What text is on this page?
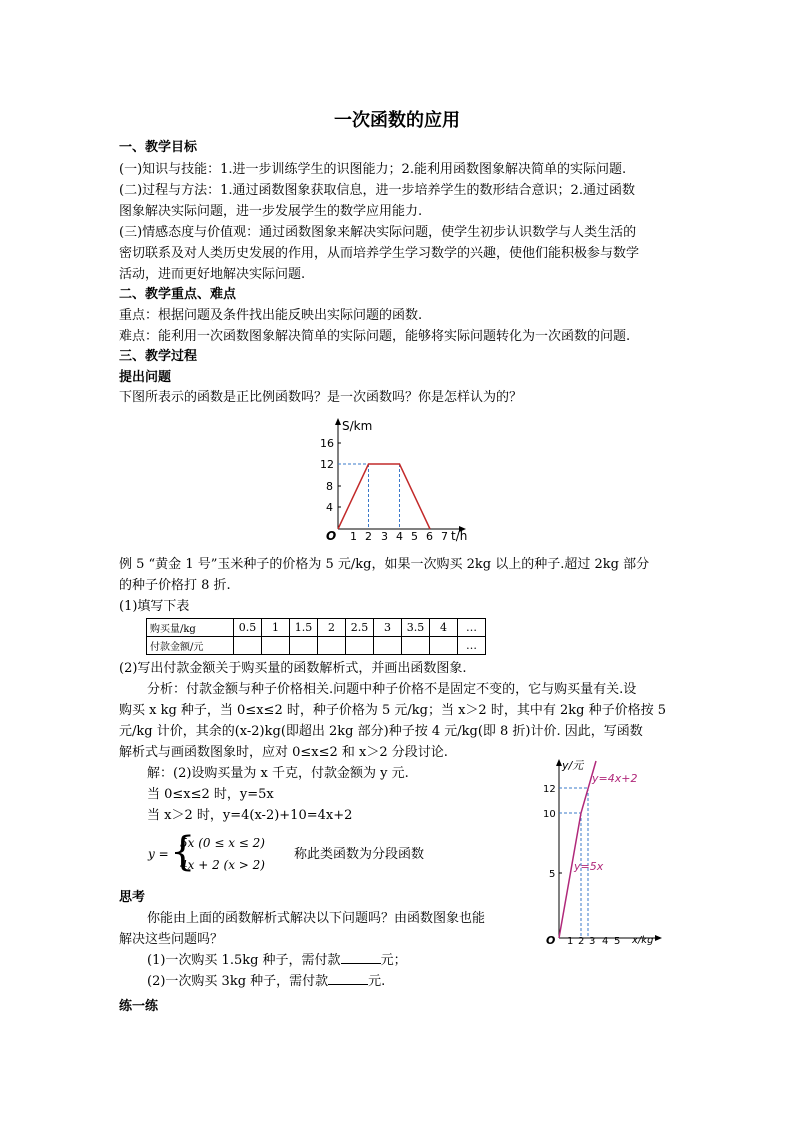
一次函数的应用
一、教学目标
(一)知识与技能：1.进一步训练学生的识图能力；2.能利用函数图象解决简单的实际问题.
(二)过程与方法：1.通过函数图象获取信息，进一步培养学生的数形结合意识；2.通过函数
图象解决实际问题，进一步发展学生的数学应用能力.
(三)情感态度与价值观：通过函数图象来解决实际问题，使学生初步认识数学与人类生活的
密切联系及对人类历史发展的作用，从而培养学生学习数学的兴趣，使他们能积极参与数学
活动，进而更好地解决实际问题.
二、教学重点、难点
重点：根据问题及条件找出能反映出实际问题的函数.
难点：能利用一次函数图象解决简单的实际问题，能够将实际问题转化为一次函数的问题.
三、教学过程
提出问题
下图所表示的函数是正比例函数吗？是一次函数吗？你是怎样认为的？
S/km
t/h
O
16
12
8
4
1 2 3 4 5 6 7
例 5 “黄金 1 号”玉米种子的价格为 5 元/kg，如果一次购买 2kg 以上的种子.超过 2kg 部分
的种子价格打 8 折.
(1)填写下表
购买量/kg	0.5	1	1.5	2	2.5	3	3.5	4	…
付款金额/元									…
(2)写出付款金额关于购买量的函数解析式，并画出函数图象.
分析：付款金额与种子价格相关.问题中种子价格不是固定不变的，它与购买量有关.设
购买 x kg 种子，当 0≤x≤2 时，种子价格为 5 元/kg；当 x＞2 时，其中有 2kg 种子价格按 5
元/kg 计价，其余的(x-2)kg(即超出 2kg 部分)种子按 4 元/kg(即 8 折)计价. 因此，写函数
解析式与画函数图象时，应对 0≤x≤2 和 x＞2 分段讨论.
解：(2)设购买量为 x 千克，付款金额为 y 元.
当 0≤x≤2 时，y=5x
当 x＞2 时，y=4(x-2)+10=4x+2
y = {
5x (0 ≤ x ≤ 2)
4x + 2 (x > 2)
称此类函数为分段函数
思考
你能由上面的函数解析式解决以下问题吗？由函数图象也能
解决这些问题吗？
(1)一次购买 1.5kg 种子，需付款	元；
(2)一次购买 3kg 种子，需付款	元.
练一练
y/元
x/kg
O
12
10
5
1 2 3 4 5
y=4x+2
y=5x
